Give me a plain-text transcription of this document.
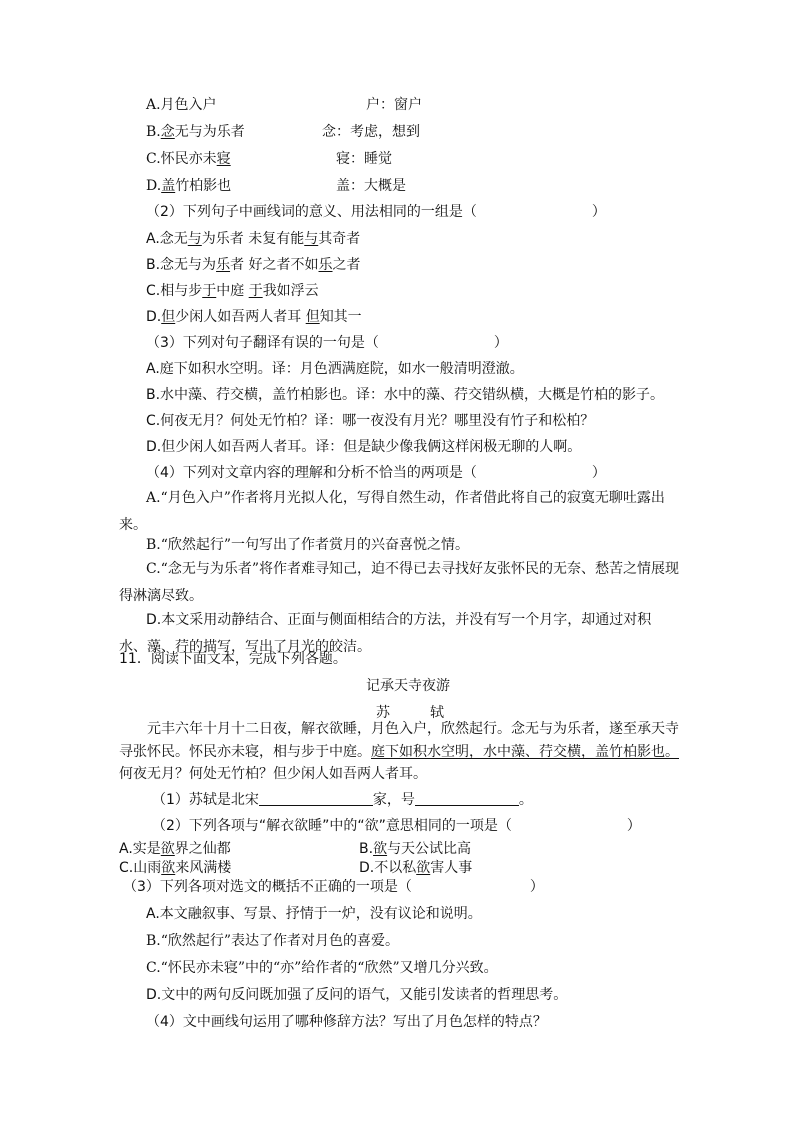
A.月色入户	户：窗户
B.念无与为乐者	念：考虑，想到
C.怀民亦未寝	寝：睡觉
D.盖竹柏影也	盖：大概是
（2）下列句子中画线词的意义、用法相同的一组是（	）
A.念无与为乐者 未复有能与其奇者
B.念无与为乐者 好之者不如乐之者
C.相与步于中庭 于我如浮云
D.但少闲人如吾两人者耳 但知其一
（3）下列对句子翻译有误的一句是（	）
A.庭下如积水空明。译：月色洒满庭院，如水一般清明澄澈。
B.水中藻、荇交横，盖竹柏影也。译：水中的藻、荇交错纵横，大概是竹柏的影子。
C.何夜无月？何处无竹柏？译：哪一夜没有月光？哪里没有竹子和松柏？
D.但少闲人如吾两人者耳。译：但是缺少像我俩这样闲极无聊的人啊。
（4）下列对文章内容的理解和分析不恰当的两项是（	）
A.“月色入户”作者将月光拟人化，写得自然生动，作者借此将自己的寂寞无聊吐露出来。
B.“欣然起行”一句写出了作者赏月的兴奋喜悦之情。
C.“念无与为乐者”将作者难寻知己，迫不得已去寻找好友张怀民的无奈、愁苦之情展现得淋漓尽致。
D.本文采用动静结合、正面与侧面相结合的方法，并没有写一个月字，却通过对积水、藻、荇的描写，写出了月光的皎洁。
11．阅读下面文本，完成下列各题。
记承天寺夜游
苏	轼
元丰六年十月十二日夜，解衣欲睡，月色入户，欣然起行。念无与为乐者，遂至承天寺寻张怀民。怀民亦未寝，相与步于中庭。庭下如积水空明，水中藻、荇交横，盖竹柏影也。何夜无月？何处无竹柏？但少闲人如吾两人者耳。
（1）苏轼是北宋	家，号	。
（2）下列各项与“解衣欲睡”中的“欲”意思相同的一项是（	）
A.实是欲界之仙都	B.欲与天公试比高
C.山雨欲来风满楼	D.不以私欲害人事
（3）下列各项对选文的概括不正确的一项是（	）
A.本文融叙事、写景、抒情于一炉，没有议论和说明。
B.“欣然起行”表达了作者对月色的喜爱。
C.“怀民亦未寝”中的“亦”给作者的“欣然”又增几分兴致。
D.文中的两句反问既加强了反问的语气，又能引发读者的哲理思考。
（4）文中画线句运用了哪种修辞方法？写出了月色怎样的特点？
